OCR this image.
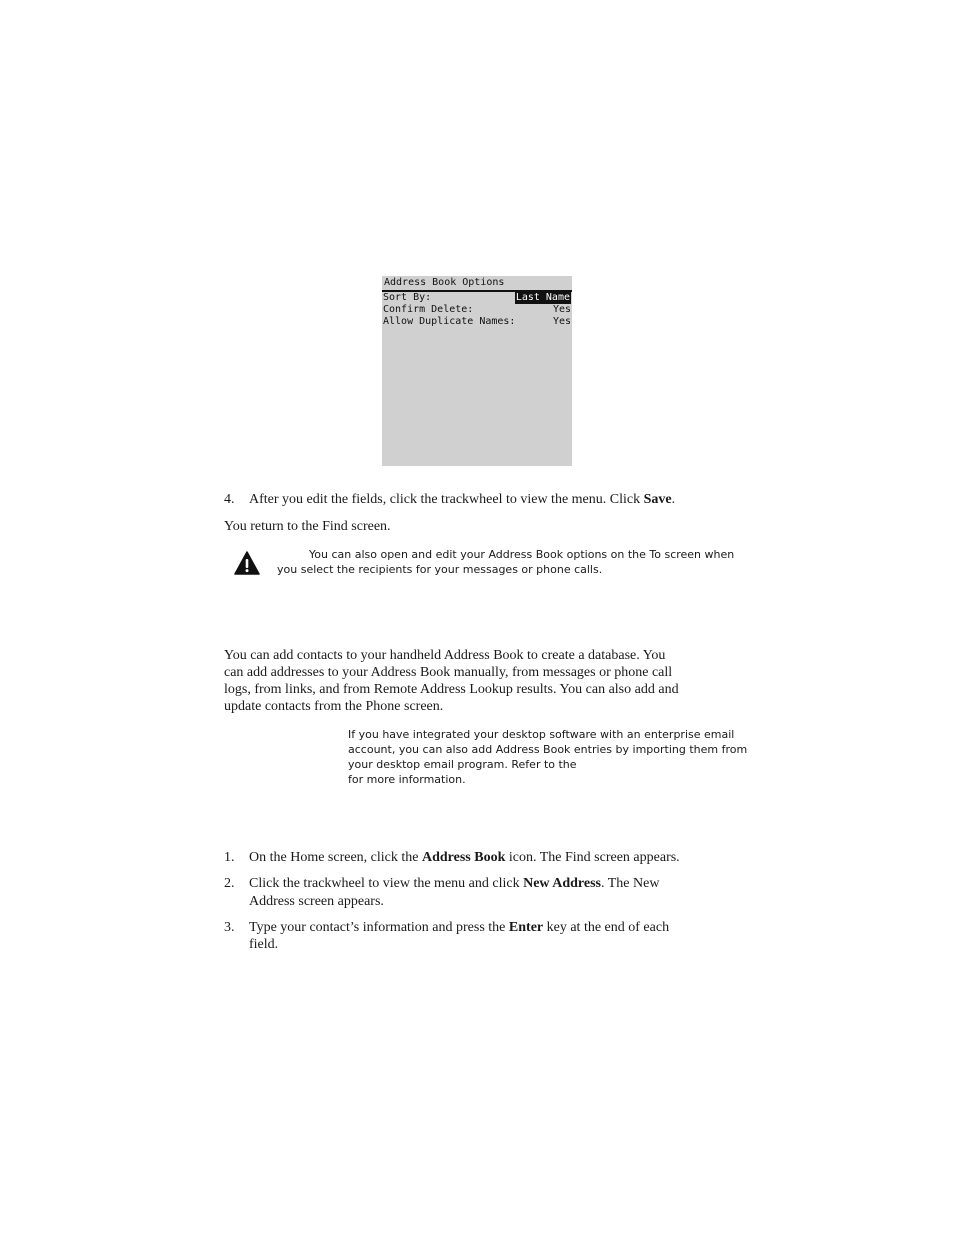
Address Book Options
Sort By:	Last Name
Confirm Delete:	Yes
Allow Duplicate Names:	Yes
4. After you edit the fields, click the trackwheel to view the menu. Click Save.
You return to the Find screen.
You can also open and edit your Address Book options on the To screen when
you select the recipients for your messages or phone calls.
You can add contacts to your handheld Address Book to create a database. You
can add addresses to your Address Book manually, from messages or phone call
logs, from links, and from Remote Address Lookup results. You can also add and
update contacts from the Phone screen.
If you have integrated your desktop software with an enterprise email
account, you can also add Address Book entries by importing them from
your desktop email program. Refer to the
for more information.
1. On the Home screen, click the Address Book icon. The Find screen appears.
2. Click the trackwheel to view the menu and click New Address. The New
Address screen appears.
3. Type your contact’s information and press the Enter key at the end of each
field.
